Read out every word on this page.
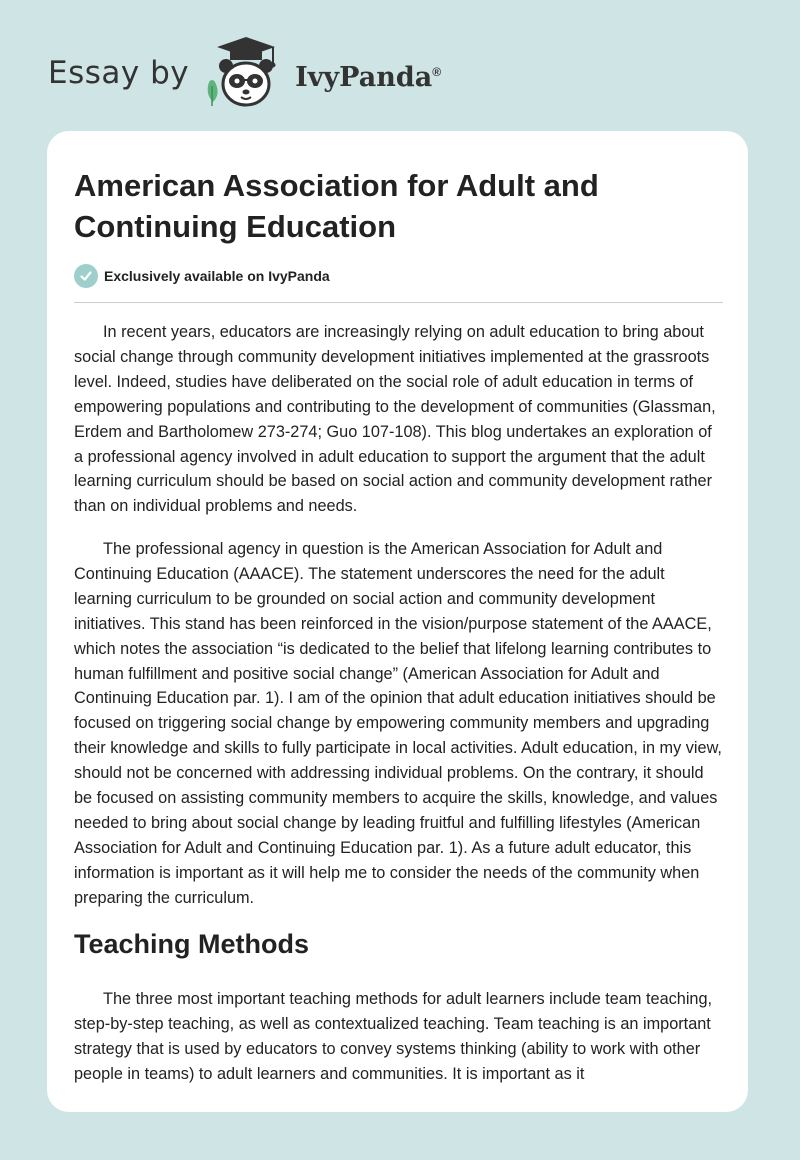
Essay by	IvyPanda®
American Association for Adult and Continuing Education
Exclusively available on IvyPanda

In recent years, educators are increasingly relying on adult education to bring about social change through community development initiatives implemented at the grassroots level. Indeed, studies have deliberated on the social role of adult education in terms of empowering populations and contributing to the development of communities (Glassman, Erdem and Bartholomew 273-274; Guo 107-108). This blog undertakes an exploration of a professional agency involved in adult education to support the argument that the adult learning curriculum should be based on social action and community development rather than on individual problems and needs.

The professional agency in question is the American Association for Adult and Continuing Education (AAACE). The statement underscores the need for the adult learning curriculum to be grounded on social action and community development initiatives. This stand has been reinforced in the vision/purpose statement of the AAACE, which notes the association “is dedicated to the belief that lifelong learning contributes to human fulfillment and positive social change” (American Association for Adult and Continuing Education par. 1). I am of the opinion that adult education initiatives should be focused on triggering social change by empowering community members and upgrading their knowledge and skills to fully participate in local activities. Adult education, in my view, should not be concerned with addressing individual problems. On the contrary, it should be focused on assisting community members to acquire the skills, knowledge, and values needed to bring about social change by leading fruitful and fulfilling lifestyles (American Association for Adult and Continuing Education par. 1). As a future adult educator, this information is important as it will help me to consider the needs of the community when preparing the curriculum.

Teaching Methods

The three most important teaching methods for adult learners include team teaching, step-by-step teaching, as well as contextualized teaching. Team teaching is an important strategy that is used by educators to convey systems thinking (ability to work with other people in teams) to adult learners and communities. It is important as it
